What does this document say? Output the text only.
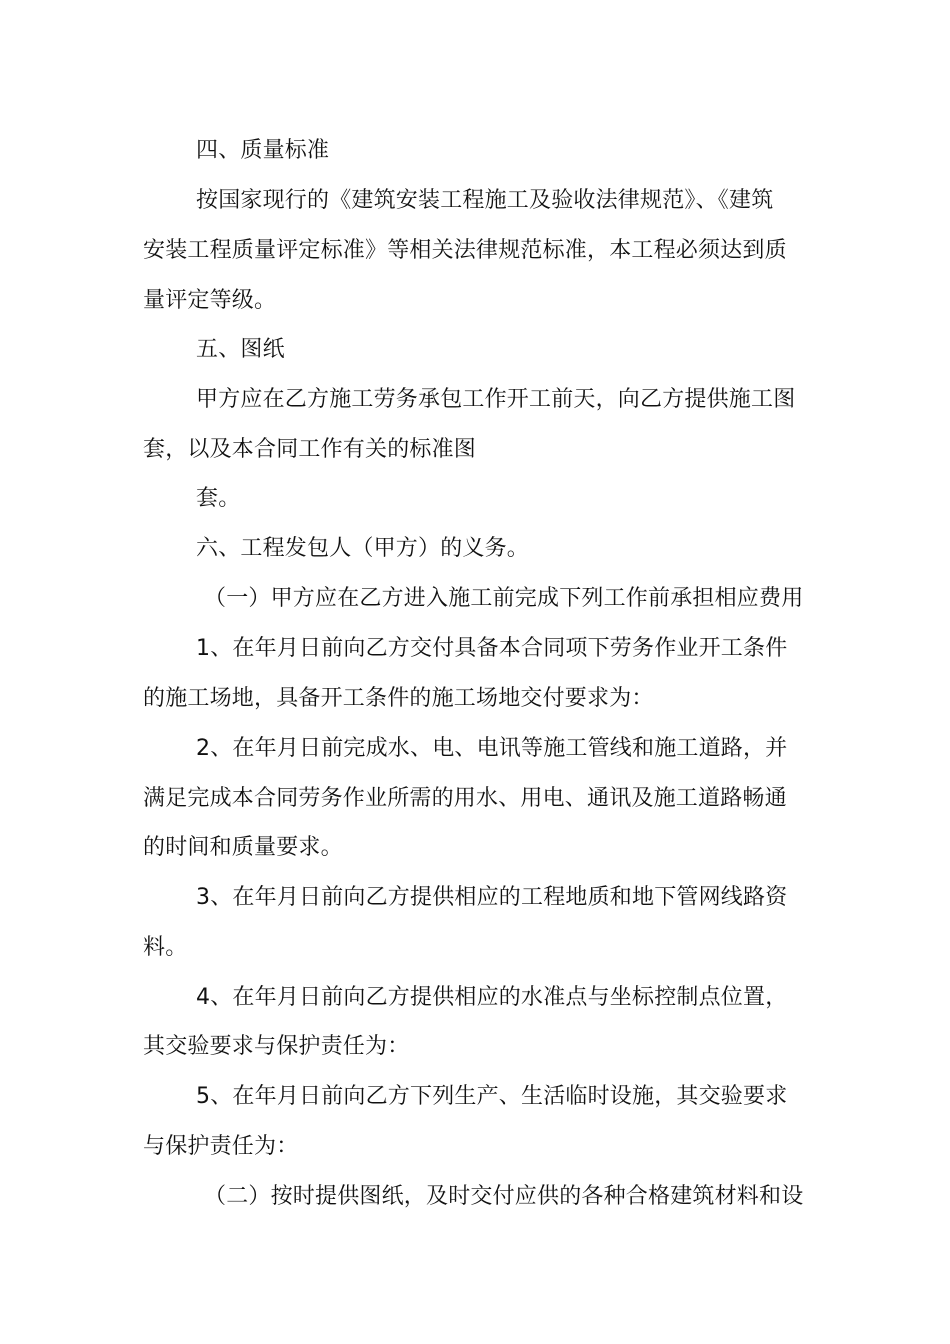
四、质量标准
按国家现行的《建筑安装工程施工及验收法律规范》、《建筑
安装工程质量评定标准》等相关法律规范标准，本工程必须达到质
量评定等级。
五、图纸
甲方应在乙方施工劳务承包工作开工前天，向乙方提供施工图
套，以及本合同工作有关的标准图
套。
六、工程发包人（甲方）的义务。
（一）甲方应在乙方进入施工前完成下列工作前承担相应费用
1、在年月日前向乙方交付具备本合同项下劳务作业开工条件
的施工场地，具备开工条件的施工场地交付要求为：
2、在年月日前完成水、电、电讯等施工管线和施工道路，并
满足完成本合同劳务作业所需的用水、用电、通讯及施工道路畅通
的时间和质量要求。
3、在年月日前向乙方提供相应的工程地质和地下管网线路资
料。
4、在年月日前向乙方提供相应的水准点与坐标控制点位置，
其交验要求与保护责任为：
5、在年月日前向乙方下列生产、生活临时设施，其交验要求
与保护责任为：
（二）按时提供图纸，及时交付应供的各种合格建筑材料和设
